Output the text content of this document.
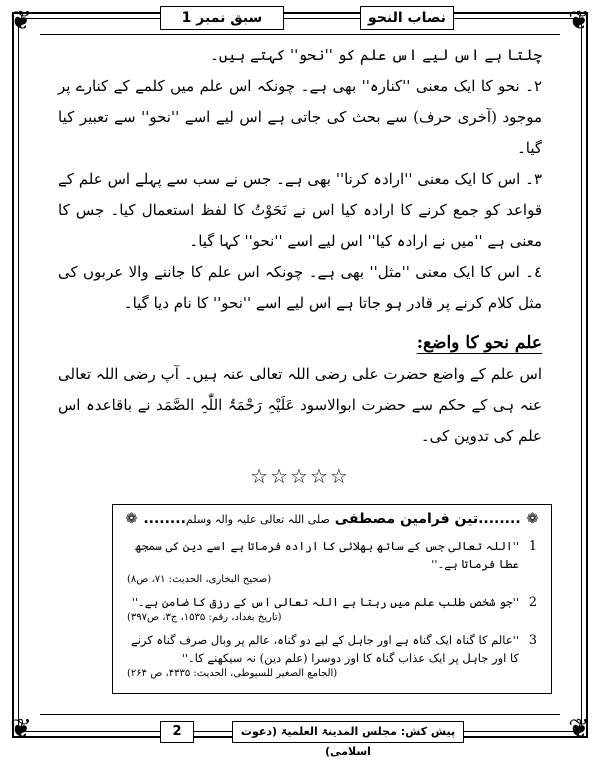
❦	❦
❦	❦
سبق نمبر 1	نصاب النحو

چلتا ہے اس لیے اس علم کو ''نحو'' کہتے ہیں۔

۲۔ نحو کا ایک معنی ''کنارہ'' بھی ہے۔ چونکہ اس علم میں کلمے کے کنارے پر موجود (آخری حرف) سے بحث کی جاتی ہے اس لیے اسے ''نحو'' سے تعبیر کیا گیا۔

۳۔ اس کا ایک معنی ''ارادہ کرنا'' بھی ہے۔ جس نے سب سے پہلے اس علم کے قواعد کو جمع کرنے کا ارادہ کیا اس نے نَحَوْتُ کا لفظ استعمال کیا۔ جس کا معنی ہے ''میں نے ارادہ کیا'' اس لیے اسے ''نحو'' کہا گیا۔

٤۔ اس کا ایک معنی ''مثل'' بھی ہے۔ چونکہ اس علم کا جاننے والا عربوں کی مثل کلام کرنے پر قادر ہو جاتا ہے اس لیے اسے ''نحو'' کا نام دیا گیا۔

علم نحو کا واضع:

اس علم کے واضع حضرت علی رضی اللہ تعالی عنہ ہیں۔ آپ رضی اللہ تعالی عنہ ہی کے حکم سے حضرت ابوالاسود عَلَیْہِ رَحْمَۃُ اللّٰہِ الصَّمَد نے باقاعدہ اس علم کی تدوین کی۔

☆☆☆☆☆
❁........تین فرامین مصطفی صلی اللہ تعالی علیہ والہ وسلم........❁
1
''اللہ تعالی جس کے ساتھ بھلائی کا ارادہ فرماتا ہے اسے دین کی سمجھ عطا فرماتا ہے۔''
(صحیح البخاری، الحدیث: ۷۱، ص۸)
2
''جو شخص طلب علم میں رہتا ہے اللہ تعالی اس کے رزق کا ضامن ہے۔''
(تاریخ بغداد، رقم: ۱۵۳۵، ج۳، ص۳۹۷)
3
''عالم کا گناہ ایک گناہ ہے اور جاہل کے لیے دو گناہ، عالم پر وبال صرف گناہ کرنے کا اور جاہل پر ایک عذاب گناہ کا اور دوسرا (علم دین) نہ سیکھنے کا۔''
(الجامع الصغیر للسیوطی، الحدیث: ۴۳۳۵، ص ۲۶۴)
2	پیش کش: مجلس المدینۃ العلمیۃ (دعوت اسلامی)
